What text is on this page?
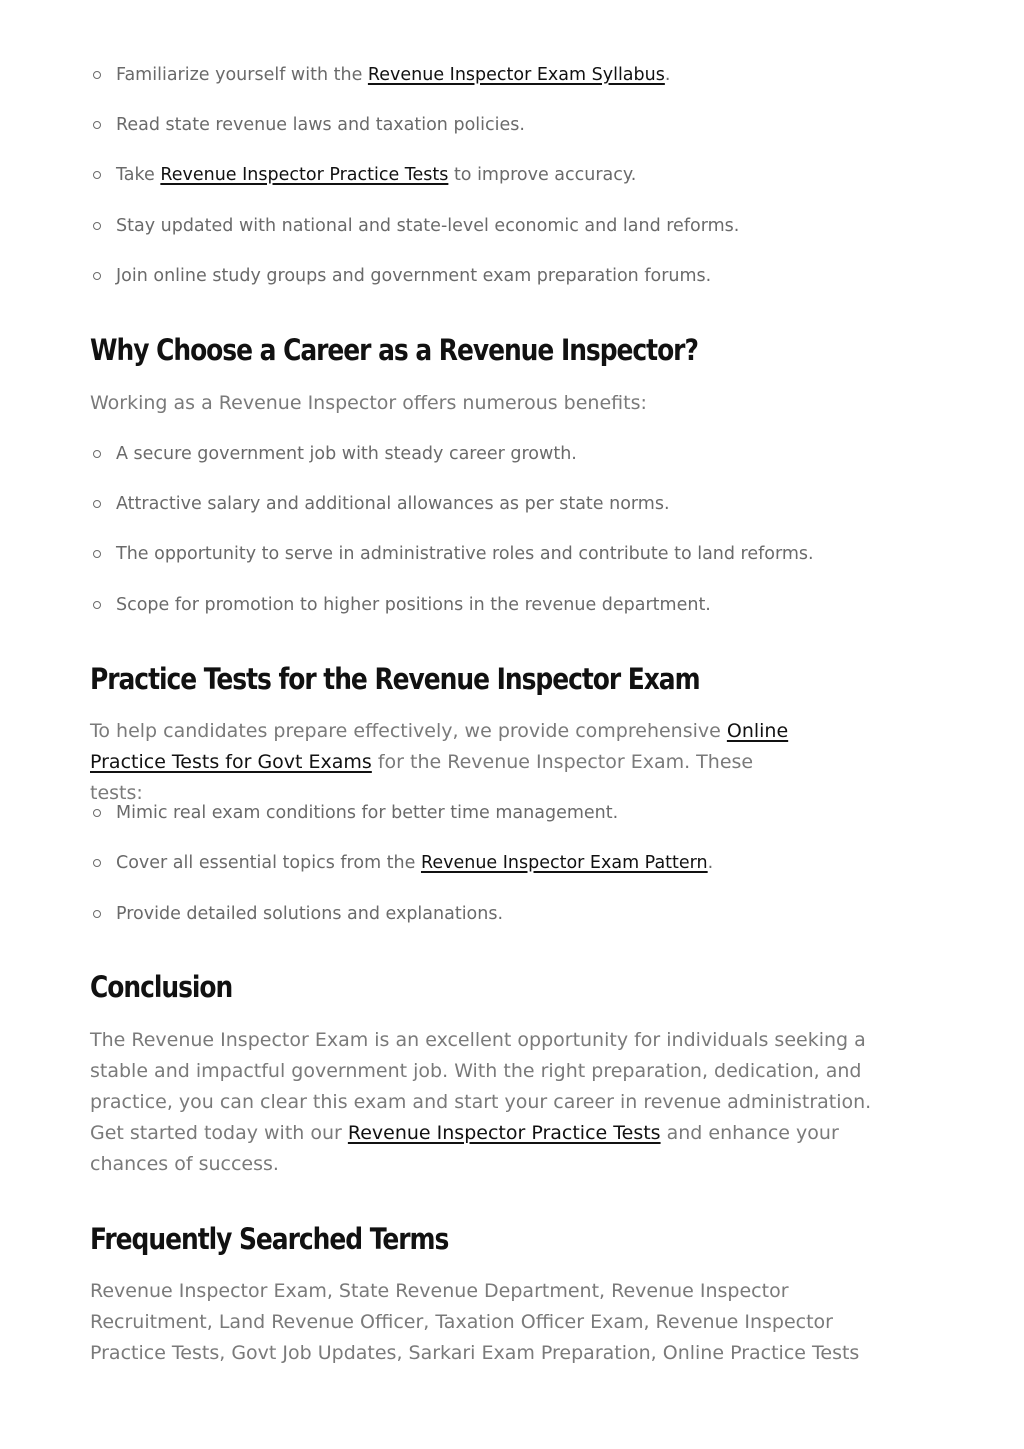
Familiarize yourself with the Revenue Inspector Exam Syllabus.
Read state revenue laws and taxation policies.
Take Revenue Inspector Practice Tests to improve accuracy.
Stay updated with national and state-level economic and land reforms.
Join online study groups and government exam preparation forums.
Why Choose a Career as a Revenue Inspector?

Working as a Revenue Inspector offers numerous benefits:

A secure government job with steady career growth.
Attractive salary and additional allowances as per state norms.
The opportunity to serve in administrative roles and contribute to land reforms.
Scope for promotion to higher positions in the revenue department.
Practice Tests for the Revenue Inspector Exam

To help candidates prepare effectively, we provide comprehensive Online Practice Tests for Govt Exams for the Revenue Inspector Exam. These tests:

Mimic real exam conditions for better time management.
Cover all essential topics from the Revenue Inspector Exam Pattern.
Provide detailed solutions and explanations.
Conclusion

The Revenue Inspector Exam is an excellent opportunity for individuals seeking a stable and impactful government job. With the right preparation, dedication, and practice, you can clear this exam and start your career in revenue administration. Get started today with our Revenue Inspector Practice Tests and enhance your chances of success.

Frequently Searched Terms

Revenue Inspector Exam, State Revenue Department, Revenue Inspector Recruitment, Land Revenue Officer, Taxation Officer Exam, Revenue Inspector Practice Tests, Govt Job Updates, Sarkari Exam Preparation, Online Practice Tests
